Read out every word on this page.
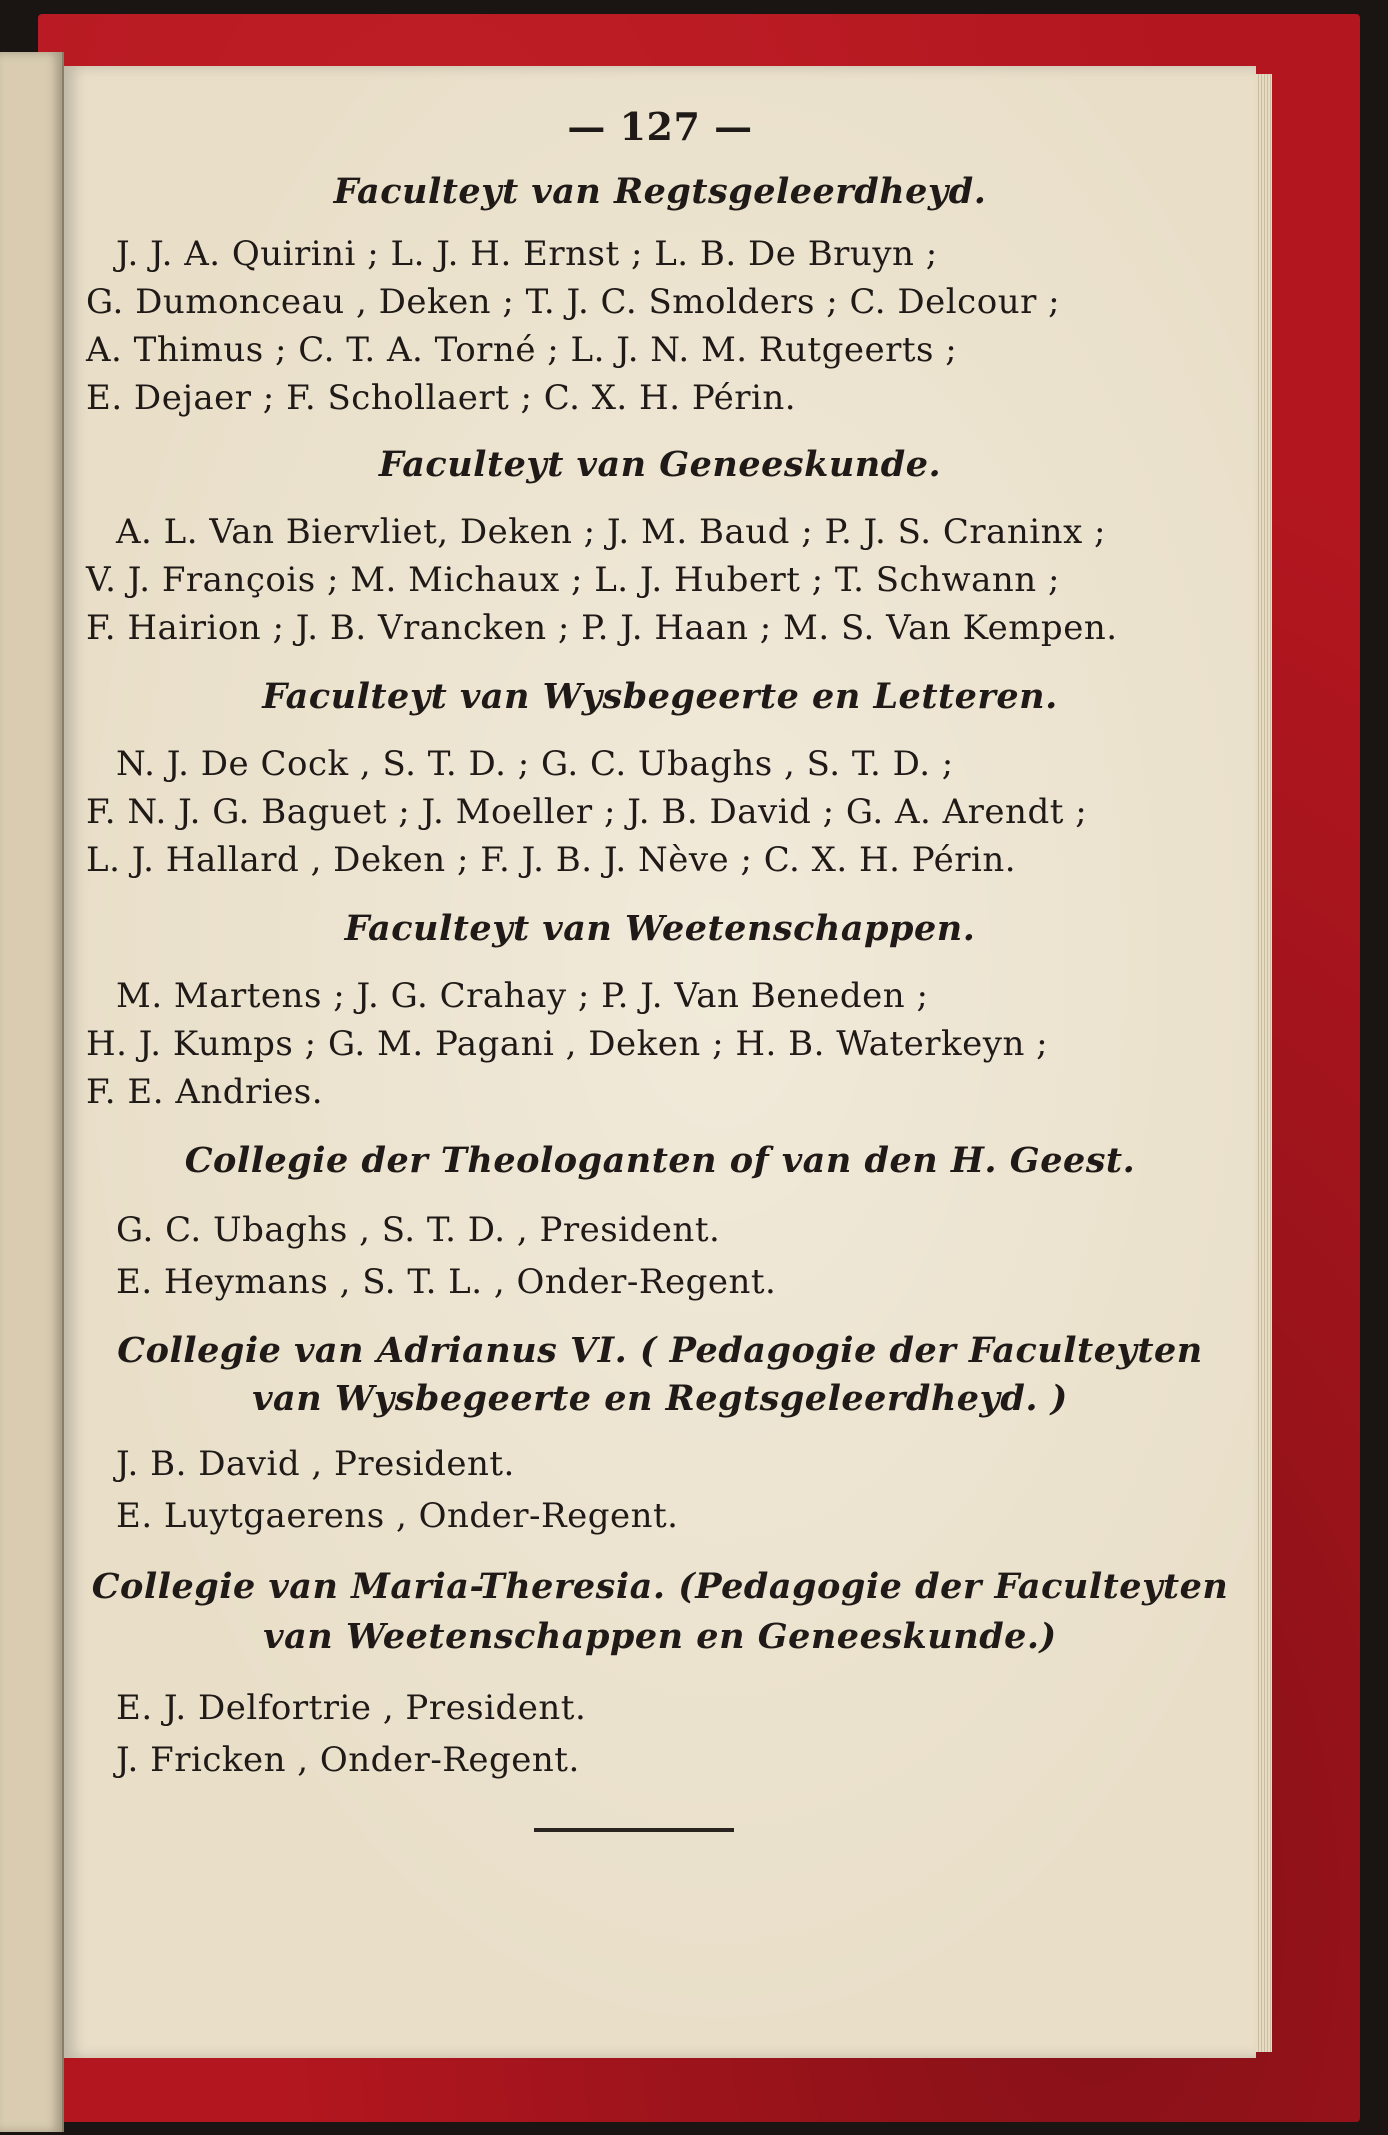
— 127 —
Faculteyt van Regtsgeleerdheyd.
J. J. A. Quirini ; L. J. H. Ernst ; L. B. De Bruyn ;
G. Dumonceau , Deken ; T. J. C. Smolders ; C. Delcour ;
A. Thimus ; C. T. A. Torné ; L. J. N. M. Rutgeerts ;
E. Dejaer ; F. Schollaert ; C. X. H. Périn.
Faculteyt van Geneeskunde.
A. L. Van Biervliet, Deken ; J. M. Baud ; P. J. S. Craninx ;
V. J. François ; M. Michaux ; L. J. Hubert ; T. Schwann ;
F. Hairion ; J. B. Vrancken ; P. J. Haan ; M. S. Van Kempen.
Faculteyt van Wysbegeerte en Letteren.
N. J. De Cock , S. T. D. ; G. C. Ubaghs , S. T. D. ;
F. N. J. G. Baguet ; J. Moeller ; J. B. David ; G. A. Arendt ;
L. J. Hallard , Deken ; F. J. B. J. Nève ; C. X. H. Périn.
Faculteyt van Weetenschappen.
M. Martens ; J. G. Crahay ; P. J. Van Beneden ;
H. J. Kumps ; G. M. Pagani , Deken ; H. B. Waterkeyn ;
F. E. Andries.
Collegie der Theologanten of van den H. Geest.
G. C. Ubaghs , S. T. D. , President.
E. Heymans , S. T. L. , Onder-Regent.
Collegie van Adrianus VI. ( Pedagogie der Faculteyten
van Wysbegeerte en Regtsgeleerdheyd. )
J. B. David , President.
E. Luytgaerens , Onder-Regent.
Collegie van Maria-Theresia. (Pedagogie der Faculteyten
van Weetenschappen en Geneeskunde.)
E. J. Delfortrie , President.
J. Fricken , Onder-Regent.
